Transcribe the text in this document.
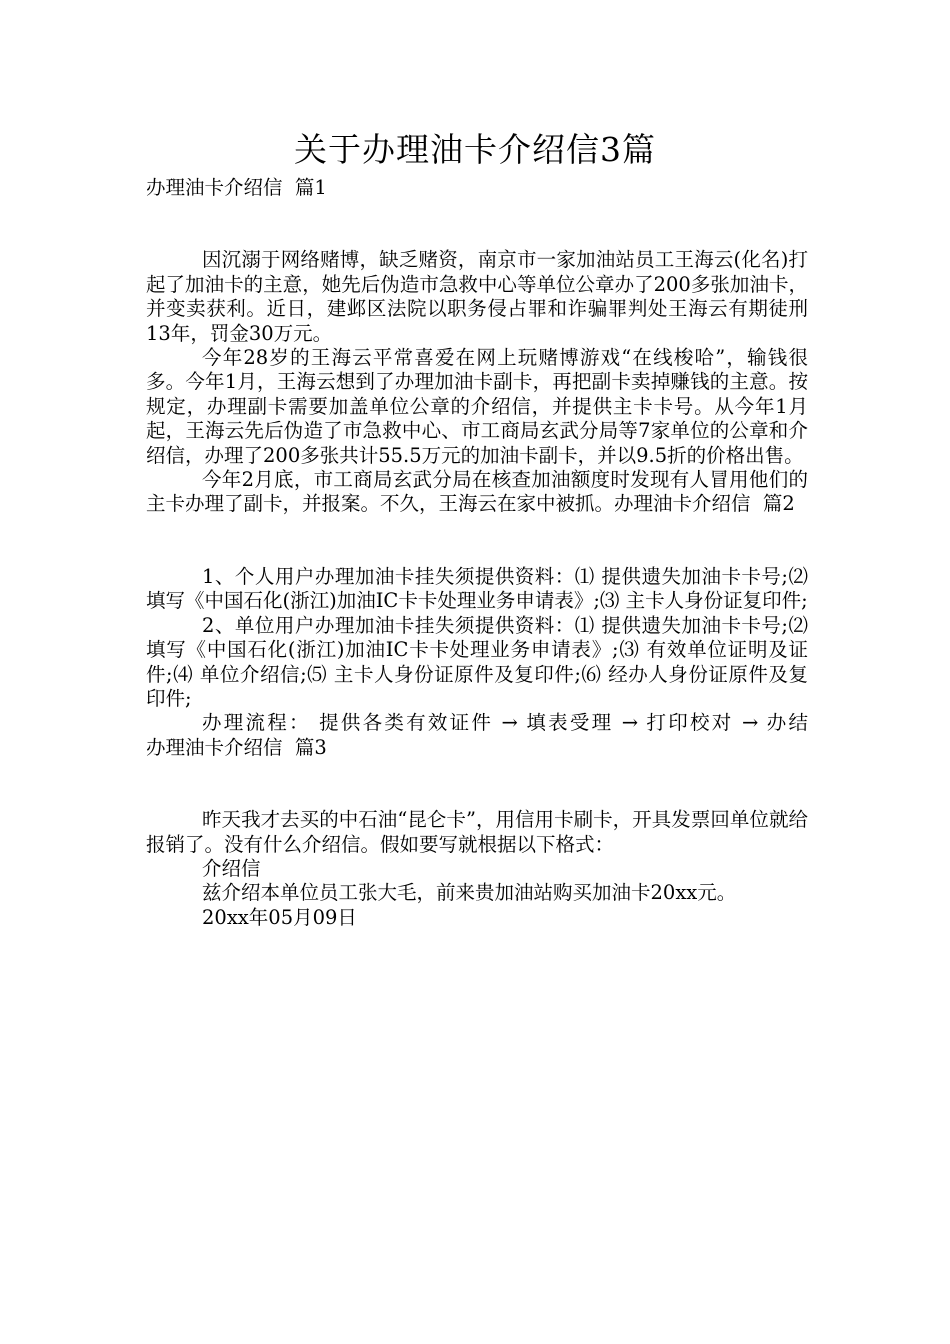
关于办理油卡介绍信3篇

办理油卡介绍信  篇1

因沉溺于网络赌博，缺乏赌资，南京市一家加油站员工王海云(化名)打起了加油卡的主意，她先后伪造市急救中心等单位公章办了200多张加油卡，并变卖获利。近日，建邺区法院以职务侵占罪和诈骗罪判处王海云有期徒刑13年，罚金30万元。

今年28岁的王海云平常喜爱在网上玩赌博游戏“在线梭哈”，输钱很多。今年1月，王海云想到了办理加油卡副卡，再把副卡卖掉赚钱的主意。按规定，办理副卡需要加盖单位公章的介绍信，并提供主卡卡号。从今年1月起，王海云先后伪造了市急救中心、市工商局玄武分局等7家单位的公章和介绍信，办理了200多张共计55.5万元的加油卡副卡，并以9.5折的价格出售。

今年2月底，市工商局玄武分局在核查加油额度时发现有人冒用他们的主卡办理了副卡，并报案。不久，王海云在家中被抓。办理油卡介绍信  篇2

1、个人用户办理加油卡挂失须提供资料：⑴ 提供遗失加油卡卡号;⑵ 填写《中国石化(浙江)加油IC卡卡处理业务申请表》;⑶ 主卡人身份证复印件;

2、单位用户办理加油卡挂失须提供资料：⑴ 提供遗失加油卡卡号;⑵ 填写《中国石化(浙江)加油IC卡卡处理业务申请表》;⑶ 有效单位证明及证件;⑷ 单位介绍信;⑸ 主卡人身份证原件及复印件;⑹ 经办人身份证原件及复印件;

办理流程： 提供各类有效证件 → 填表受理 → 打印校对 → 办结办理油卡介绍信  篇3

昨天我才去买的中石油“昆仑卡”，用信用卡刷卡，开具发票回单位就给报销了。没有什么介绍信。假如要写就根据以下格式：

介绍信

兹介绍本单位员工张大毛，前来贵加油站购买加油卡20xx元。

20xx年05月09日
